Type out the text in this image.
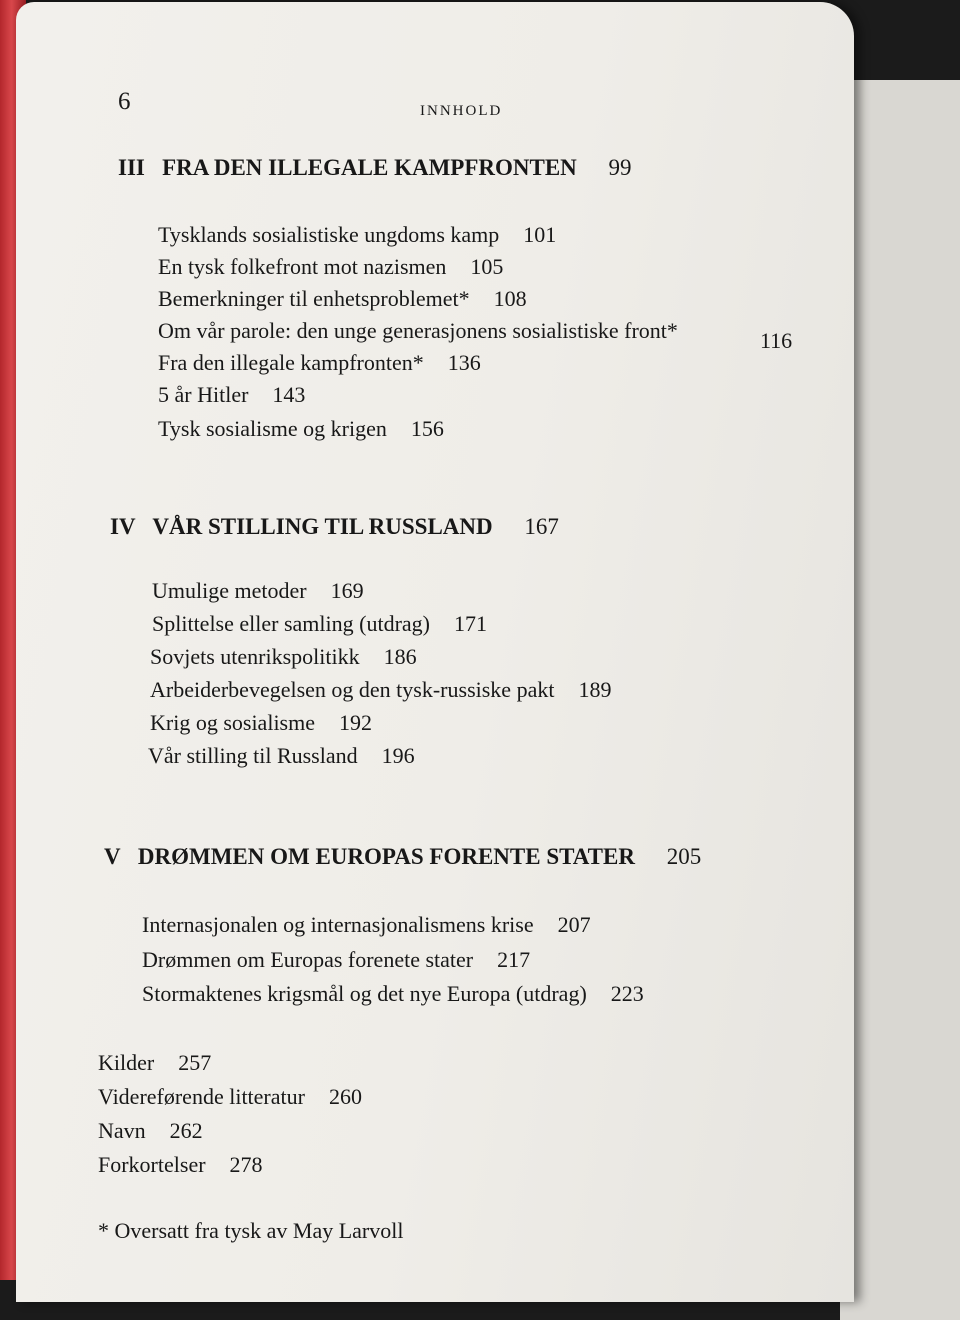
6	INNHOLD
III FRA DEN ILLEGALE KAMPFRONTEN 99
Tysklands sosialistiske ungdoms kamp 101
En tysk folkefront mot nazismen 105
Bemerkninger til enhetsproblemet* 108
Om vår parole: den unge generasjonens sosialistiske front*	116
Fra den illegale kampfronten* 136
5 år Hitler 143
Tysk sosialisme og krigen 156
IV VÅR STILLING TIL RUSSLAND 167
Umulige metoder 169
Splittelse eller samling (utdrag) 171
Sovjets utenrikspolitikk 186
Arbeiderbevegelsen og den tysk-russiske pakt 189
Krig og sosialisme 192
Vår stilling til Russland 196
V DRØMMEN OM EUROPAS FORENTE STATER 205
Internasjonalen og internasjonalismens krise 207
Drømmen om Europas forenete stater 217
Stormaktenes krigsmål og det nye Europa (utdrag) 223
Kilder 257
Videreførende litteratur 260
Navn 262
Forkortelser 278
* Oversatt fra tysk av May Larvoll
